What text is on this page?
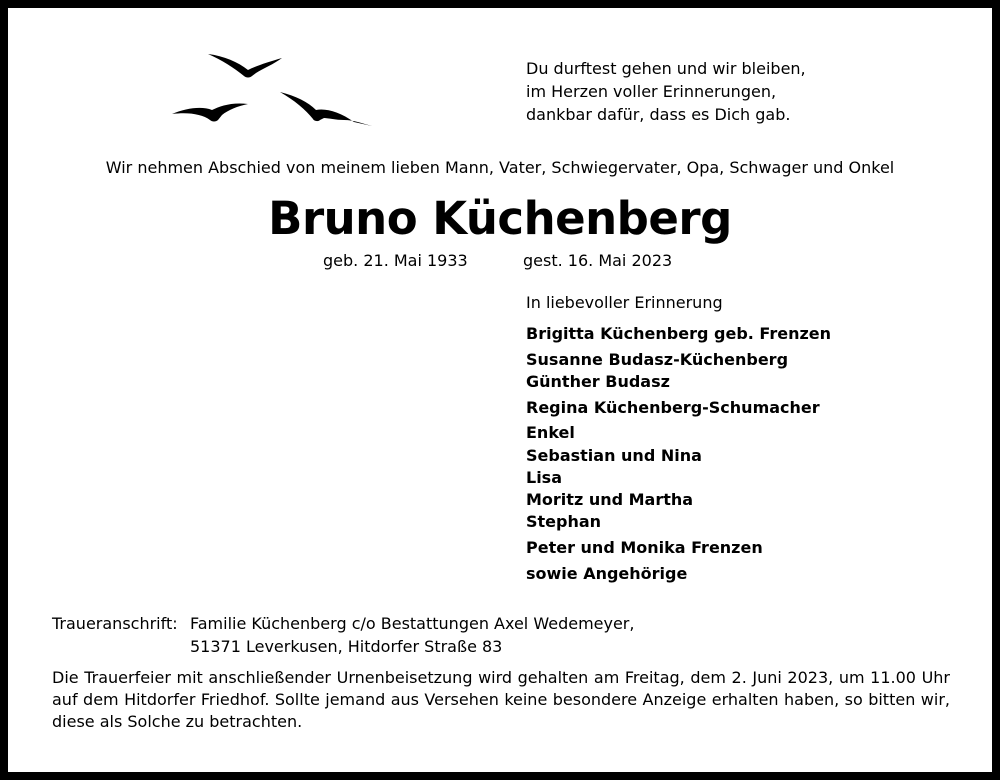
Du durftest gehen und wir bleiben,
im Herzen voller Erinnerungen,
dankbar dafür, dass es Dich gab.
Wir nehmen Abschied von meinem lieben Mann, Vater, Schwiegervater, Opa, Schwager und Onkel
Bruno Küchenberg
geb. 21. Mai 1933	gest. 16. Mai 2023
In liebevoller Erinnerung
Brigitta Küchenberg geb. Frenzen
Susanne Budasz-Küchenberg
Günther Budasz
Regina Küchenberg-Schumacher
Enkel
Sebastian und Nina
Lisa
Moritz und Martha
Stephan
Peter und Monika Frenzen
sowie Angehörige
Traueranschrift: Familie Küchenberg c/o Bestattungen Axel Wedemeyer,
51371 Leverkusen, Hitdorfer Straße 83
Die Trauerfeier mit anschließender Urnenbeisetzung wird gehalten am Freitag, dem 2. Juni 2023, um 11.00 Uhr auf dem Hitdorfer Friedhof. Sollte jemand aus Versehen keine besondere Anzeige erhalten haben, so bitten wir, diese als Solche zu betrachten.
